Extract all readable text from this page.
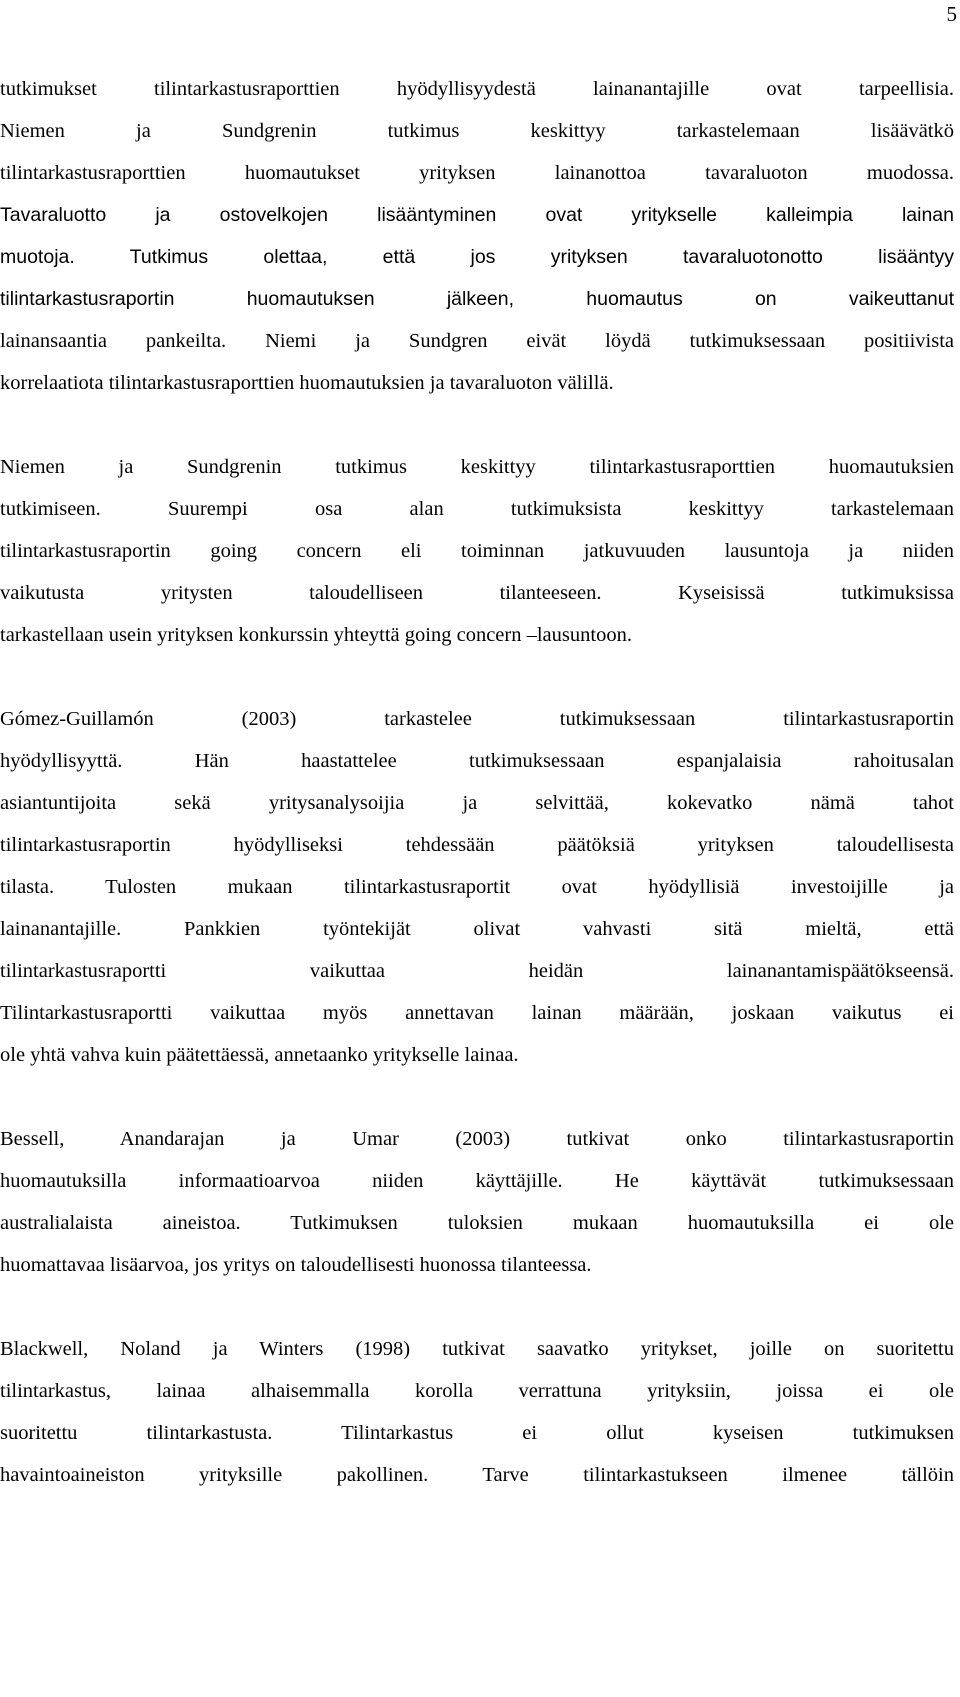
5
tutkimukset tilintarkastusraporttien hyödyllisyydestä lainanantajille ovat tarpeellisia.
Niemen ja Sundgrenin tutkimus keskittyy tarkastelemaan lisäävätkö
tilintarkastusraporttien huomautukset yrityksen lainanottoa tavaraluoton muodossa.
Tavaraluotto ja ostovelkojen lisääntyminen ovat yritykselle kalleimpia lainan
muotoja. Tutkimus olettaa, että jos yrityksen tavaraluotonotto lisääntyy
tilintarkastusraportin huomautuksen jälkeen, huomautus on vaikeuttanut
lainansaantia pankeilta. Niemi ja Sundgren eivät löydä tutkimuksessaan positiivista
korrelaatiota tilintarkastusraporttien huomautuksien ja tavaraluoton välillä.
Niemen ja Sundgrenin tutkimus keskittyy tilintarkastusraporttien huomautuksien
tutkimiseen. Suurempi osa alan tutkimuksista keskittyy tarkastelemaan
tilintarkastusraportin going concern eli toiminnan jatkuvuuden lausuntoja ja niiden
vaikutusta yritysten taloudelliseen tilanteeseen. Kyseisissä tutkimuksissa
tarkastellaan usein yrityksen konkurssin yhteyttä going concern –lausuntoon.
Gómez-Guillamón (2003) tarkastelee tutkimuksessaan tilintarkastusraportin
hyödyllisyyttä. Hän haastattelee tutkimuksessaan espanjalaisia rahoitusalan
asiantuntijoita sekä yritysanalysoijia ja selvittää, kokevatko nämä tahot
tilintarkastusraportin hyödylliseksi tehdessään päätöksiä yrityksen taloudellisesta
tilasta. Tulosten mukaan tilintarkastusraportit ovat hyödyllisiä investoijille ja
lainanantajille. Pankkien työntekijät olivat vahvasti sitä mieltä, että
tilintarkastusraportti vaikuttaa heidän lainanantamispäätökseensä.
Tilintarkastusraportti vaikuttaa myös annettavan lainan määrään, joskaan vaikutus ei
ole yhtä vahva kuin päätettäessä, annetaanko yritykselle lainaa.
Bessell, Anandarajan ja Umar (2003) tutkivat onko tilintarkastusraportin
huomautuksilla informaatioarvoa niiden käyttäjille. He käyttävät tutkimuksessaan
australialaista aineistoa. Tutkimuksen tuloksien mukaan huomautuksilla ei ole
huomattavaa lisäarvoa, jos yritys on taloudellisesti huonossa tilanteessa.
Blackwell, Noland ja Winters (1998) tutkivat saavatko yritykset, joille on suoritettu
tilintarkastus, lainaa alhaisemmalla korolla verrattuna yrityksiin, joissa ei ole
suoritettu tilintarkastusta. Tilintarkastus ei ollut kyseisen tutkimuksen
havaintoaineiston yrityksille pakollinen. Tarve tilintarkastukseen ilmenee tällöin
